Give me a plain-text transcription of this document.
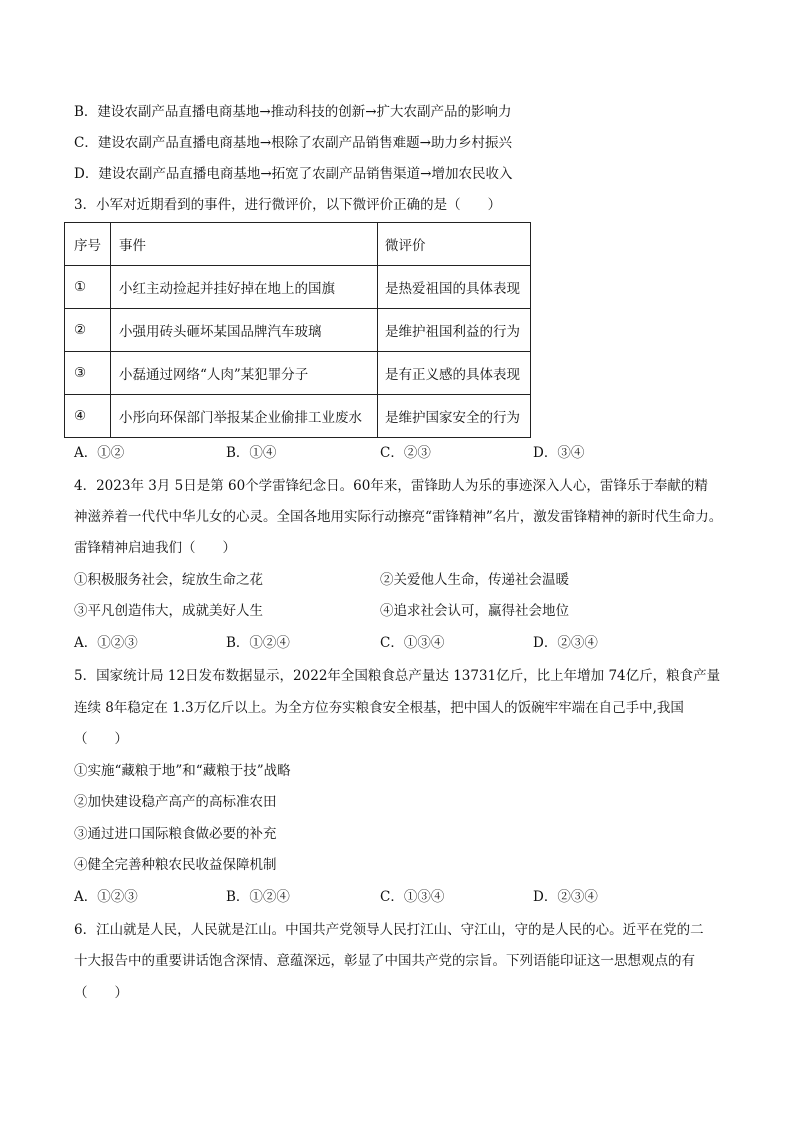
B．建设农副产品直播电商基地→推动科技的创新→扩大农副产品的影响力
C．建设农副产品直播电商基地→根除了农副产品销售难题→助力乡村振兴
D．建设农副产品直播电商基地→拓宽了农副产品销售渠道→增加农民收入
3．小军对近期看到的事件，进行微评价，以下微评价正确的是（　　）
序号	事件	微评价
①	小红主动捡起并挂好掉在地上的国旗	是热爱祖国的具体表现
②	小强用砖头砸坏某国品牌汽车玻璃	是维护祖国利益的行为
③	小磊通过网络“人肉”某犯罪分子	是有正义感的具体表现
④	小彤向环保部门举报某企业偷排工业废水	是维护国家安全的行为
A．①②	B．①④	C．②③	D．③④
4．2023年 3月 5日是第 60个学雷锋纪念日。60年来，雷锋助人为乐的事迹深入人心，雷锋乐于奉献的精
神滋养着一代代中华儿女的心灵。全国各地用实际行动擦亮“雷锋精神”名片，激发雷锋精神的新时代生命力。
雷锋精神启迪我们（　　）
①积极服务社会，绽放生命之花	②关爱他人生命，传递社会温暖
③平凡创造伟大，成就美好人生	④追求社会认可，赢得社会地位
A．①②③	B．①②④	C．①③④	D．②③④
5．国家统计局 12日发布数据显示，2022年全国粮食总产量达 13731亿斤，比上年增加 74亿斤，粮食产量
连续 8年稳定在 1.3万亿斤以上。为全方位夯实粮食安全根基，把中国人的饭碗牢牢端在自己手中,我国
（　　）
①实施“藏粮于地”和“藏粮于技”战略
②加快建设稳产高产的高标准农田
③通过进口国际粮食做必要的补充
④健全完善种粮农民收益保障机制
A．①②③	B．①②④	C．①③④	D．②③④
6．江山就是人民，人民就是江山。中国共产党领导人民打江山、守江山，守的是人民的心。近平在党的二
十大报告中的重要讲话饱含深情、意蕴深远，彰显了中国共产党的宗旨。下列语能印证这一思想观点的有
（　　）
